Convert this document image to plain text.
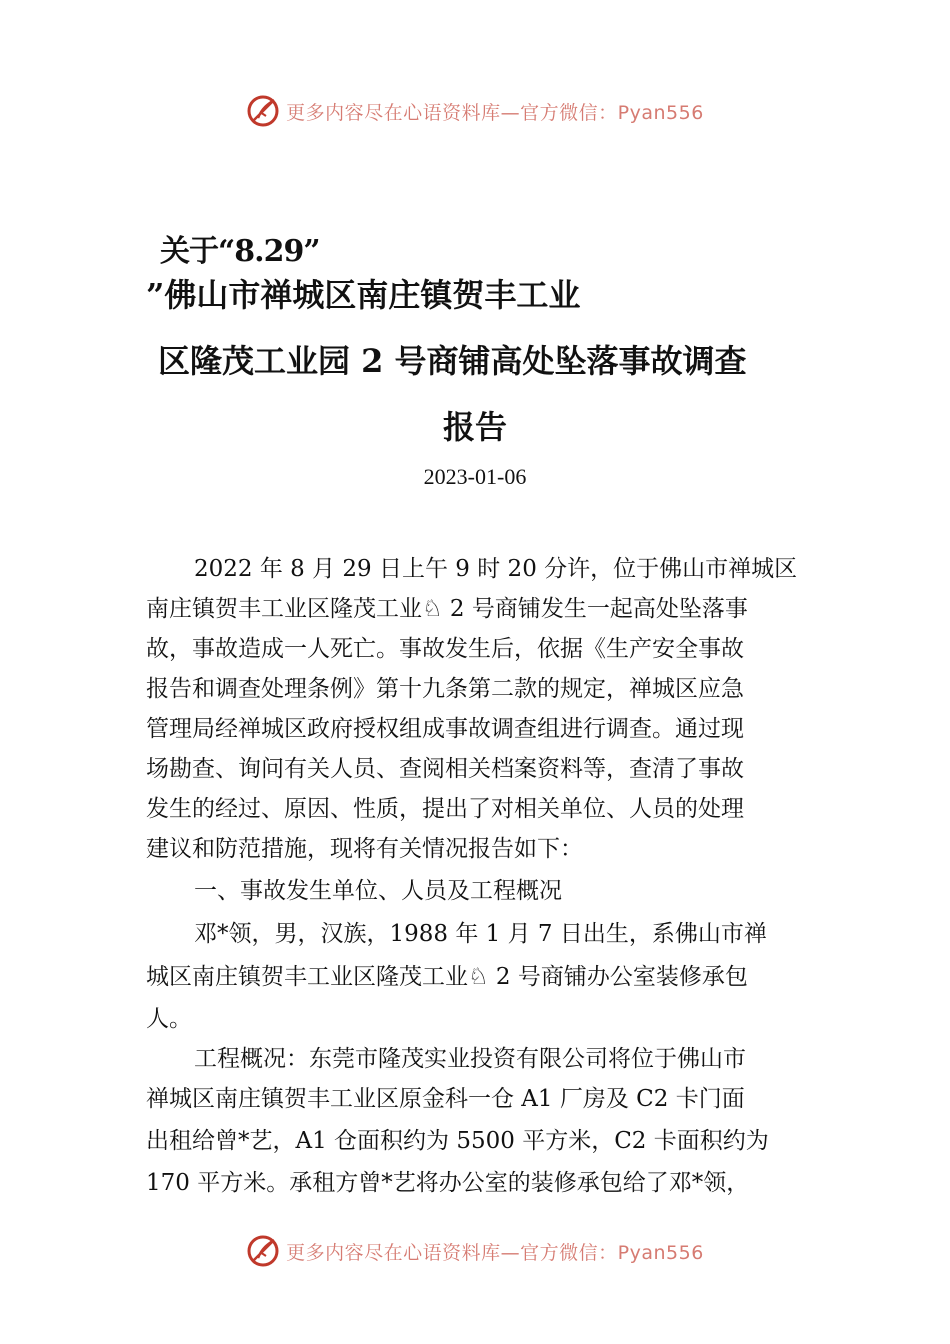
更多内容尽在心语资料库—官方微信：Pyan556
关于“8.29”
”佛山市禅城区南庄镇贺丰工业
区隆茂工业园 2 号商铺高处坠落事故调查
报告
2023-01-06
2022 年 8 月 29 日上午 9 时 20 分许，位于佛山市禅城区
南庄镇贺丰工业区隆茂工业♘ 2 号商铺发生一起高处坠落事
故，事故造成一人死亡。事故发生后，依据《生产安全事故
报告和调查处理条例》第十九条第二款的规定，禅城区应急
管理局经禅城区政府授权组成事故调查组进行调查。通过现
场勘查、询问有关人员、查阅相关档案资料等，查清了事故
发生的经过、原因、性质，提出了对相关单位、人员的处理
建议和防范措施，现将有关情况报告如下：
一、事故发生单位、人员及工程概况
邓*领，男，汉族，1988 年 1 月 7 日出生，系佛山市禅
城区南庄镇贺丰工业区隆茂工业♘ 2 号商铺办公室装修承包
人。
工程概况：东莞市隆茂实业投资有限公司将位于佛山市
禅城区南庄镇贺丰工业区原金科一仓 A1 厂房及 C2 卡门面
出租给曾*艺，A1 仓面积约为 5500 平方米，C2 卡面积约为
170 平方米。承租方曾*艺将办公室的装修承包给了邓*领，
更多内容尽在心语资料库—官方微信：Pyan556
